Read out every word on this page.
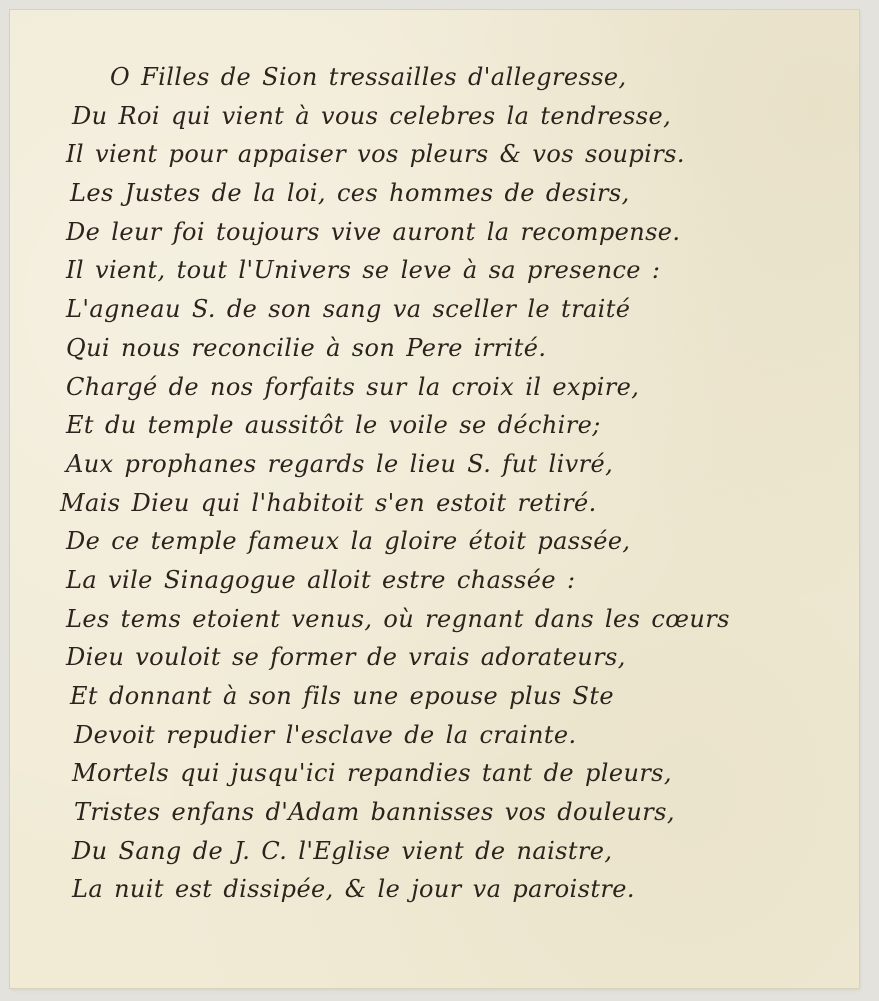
O Filles de Sion tressailles d'allegresse,
Du Roi qui vient à vous celebres la tendresse,
Il vient pour appaiser vos pleurs & vos soupirs.
Les Justes de la loi, ces hommes de desirs,
De leur foi toujours vive auront la recompense.
Il vient, tout l'Univers se leve à sa presence :
L'agneau S. de son sang va sceller le traité
Qui nous reconcilie à son Pere irrité.
Chargé de nos forfaits sur la croix il expire,
Et du temple aussitôt le voile se déchire;
Aux prophanes regards le lieu S. fut livré,
Mais Dieu qui l'habitoit s'en estoit retiré.
De ce temple fameux la gloire étoit passée,
La vile Sinagogue alloit estre chassée :
Les tems etoient venus, où regnant dans les cœurs
Dieu vouloit se former de vrais adorateurs,
Et donnant à son fils une epouse plus Ste
Devoit repudier l'esclave de la crainte.
Mortels qui jusqu'ici repandies tant de pleurs,
Tristes enfans d'Adam bannisses vos douleurs,
Du Sang de J. C. l'Eglise vient de naistre,
La nuit est dissipée, & le jour va paroistre.
